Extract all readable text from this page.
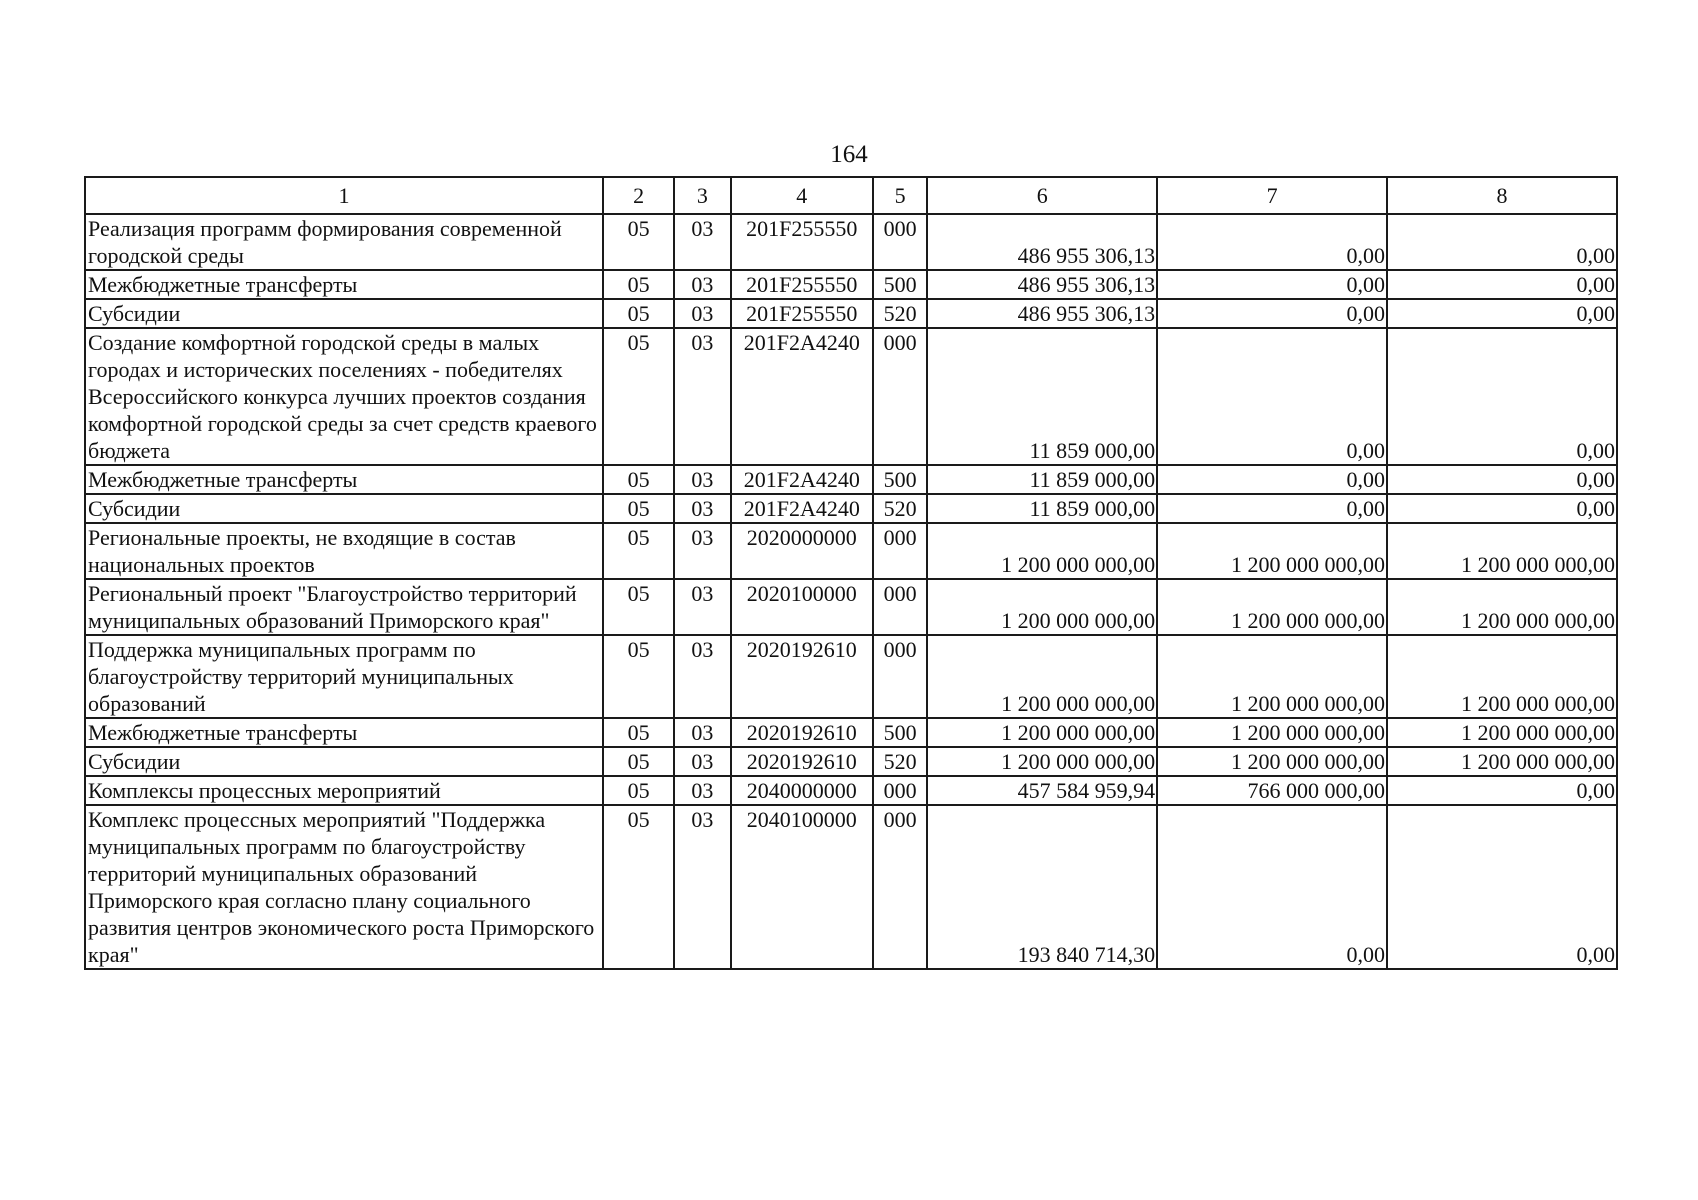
164
1	2	3	4	5	6	7	8
Реализация программ формирования современной городской среды	05	03	201F255550	000	486 955 306,13	0,00	0,00
Межбюджетные трансферты	05	03	201F255550	500	486 955 306,13	0,00	0,00
Субсидии	05	03	201F255550	520	486 955 306,13	0,00	0,00
Создание комфортной городской среды в малых городах и исторических поселениях - победителях Всероссийского конкурса лучших проектов создания комфортной городской среды за счет средств краевого бюджета	05	03	201F2A4240	000	11 859 000,00	0,00	0,00
Межбюджетные трансферты	05	03	201F2A4240	500	11 859 000,00	0,00	0,00
Субсидии	05	03	201F2A4240	520	11 859 000,00	0,00	0,00
Региональные проекты, не входящие в состав национальных проектов	05	03	2020000000	000	1 200 000 000,00	1 200 000 000,00	1 200 000 000,00
Региональный проект "Благоустройство территорий муниципальных образований Приморского края"	05	03	2020100000	000	1 200 000 000,00	1 200 000 000,00	1 200 000 000,00
Поддержка муниципальных программ по благоустройству территорий муниципальных образований	05	03	2020192610	000	1 200 000 000,00	1 200 000 000,00	1 200 000 000,00
Межбюджетные трансферты	05	03	2020192610	500	1 200 000 000,00	1 200 000 000,00	1 200 000 000,00
Субсидии	05	03	2020192610	520	1 200 000 000,00	1 200 000 000,00	1 200 000 000,00
Комплексы процессных мероприятий	05	03	2040000000	000	457 584 959,94	766 000 000,00	0,00
Комплекс процессных мероприятий "Поддержка муниципальных программ по благоустройству территорий муниципальных образований Приморского края согласно плану социального развития центров экономического роста Приморского края"	05	03	2040100000	000	193 840 714,30	0,00	0,00
